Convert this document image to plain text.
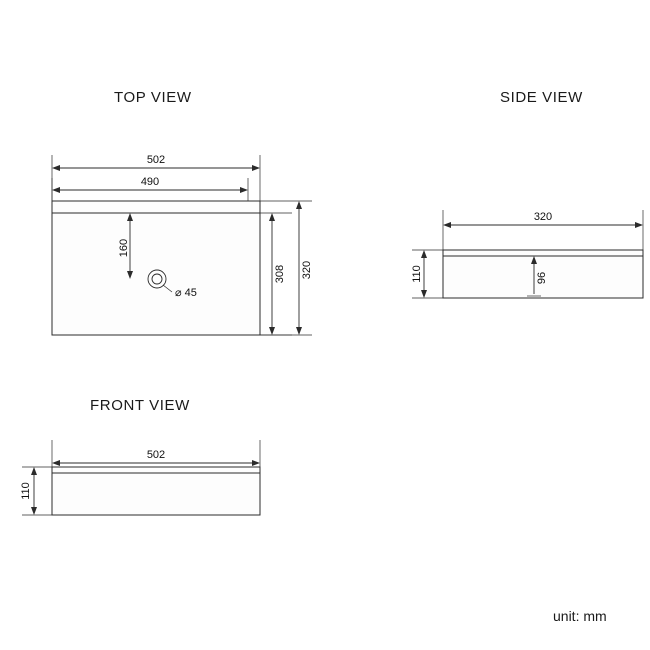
TOP VIEW	SIDE VIEW
FRONT VIEW
unit: mm
502
490
160
⌀ 45
308 320
320
110	96
502
110
